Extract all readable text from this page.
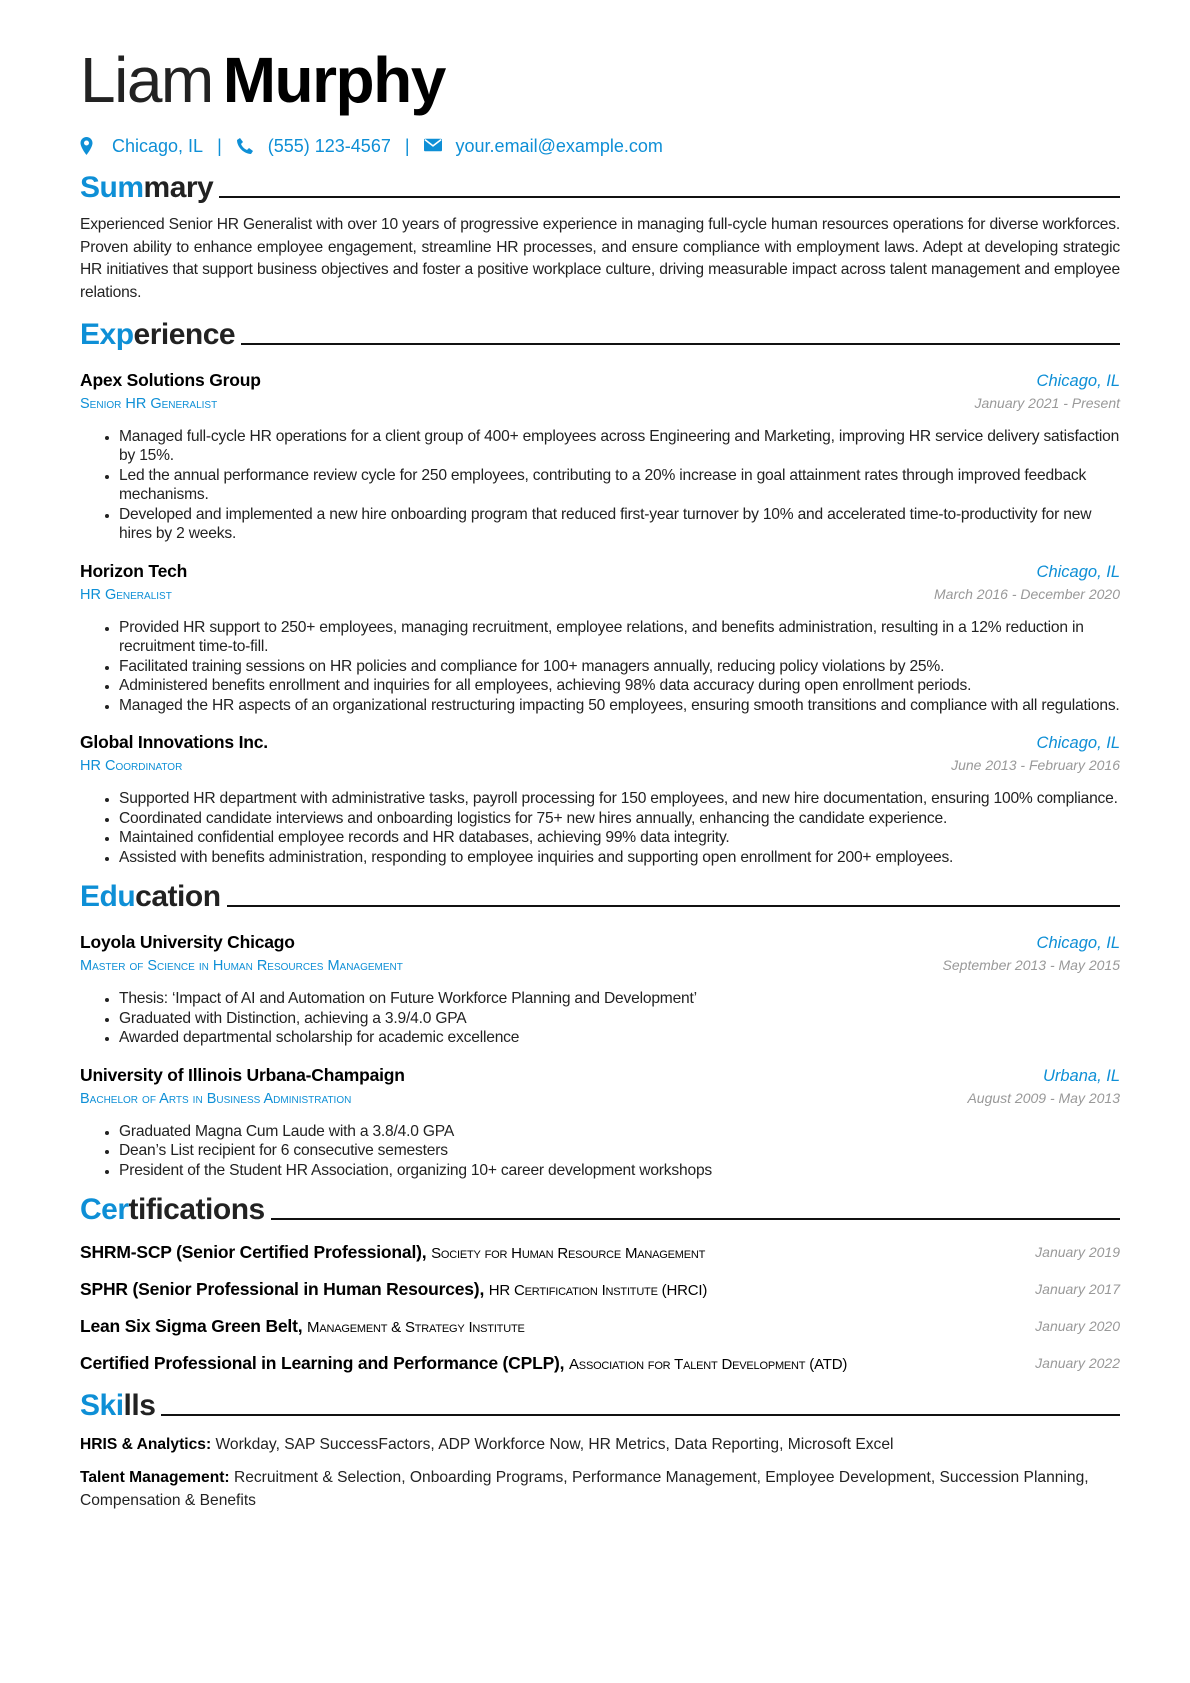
Liam Murphy
Chicago, IL |	(555) 123-4567 |	your.email@example.com
Summary

Experienced Senior HR Generalist with over 10 years of progressive experience in managing full-cycle human resources operations for diverse workforces. Proven ability to enhance employee engagement, streamline HR processes, and ensure compliance with employment laws. Adept at developing strategic HR initiatives that support business objectives and foster a positive workplace culture, driving measurable impact across talent management and employee relations.

Experience
Apex Solutions Group	Chicago, IL
Senior HR Generalist	January 2021 - Present
• Managed full-cycle HR operations for a client group of 400+ employees across Engineering and Marketing, improving HR service delivery satisfaction by 15%.
• Led the annual performance review cycle for 250 employees, contributing to a 20% increase in goal attainment rates through improved feedback mechanisms.
• Developed and implemented a new hire onboarding program that reduced first-year turnover by 10% and accelerated time-to-productivity for new hires by 2 weeks.
Horizon Tech	Chicago, IL
HR Generalist	March 2016 - December 2020
• Provided HR support to 250+ employees, managing recruitment, employee relations, and benefits administration, resulting in a 12% reduction in recruitment time-to-fill.
• Facilitated training sessions on HR policies and compliance for 100+ managers annually, reducing policy violations by 25%.
• Administered benefits enrollment and inquiries for all employees, achieving 98% data accuracy during open enrollment periods.
• Managed the HR aspects of an organizational restructuring impacting 50 employees, ensuring smooth transitions and compliance with all regulations.
Global Innovations Inc.	Chicago, IL
HR Coordinator	June 2013 - February 2016
• Supported HR department with administrative tasks, payroll processing for 150 employees, and new hire documentation, ensuring 100% compliance.
• Coordinated candidate interviews and onboarding logistics for 75+ new hires annually, enhancing the candidate experience.
• Maintained confidential employee records and HR databases, achieving 99% data integrity.
• Assisted with benefits administration, responding to employee inquiries and supporting open enrollment for 200+ employees.
Education
Loyola University Chicago	Chicago, IL
Master of Science in Human Resources Management	September 2013 - May 2015
• Thesis: ‘Impact of AI and Automation on Future Workforce Planning and Development’
• Graduated with Distinction, achieving a 3.9/4.0 GPA
• Awarded departmental scholarship for academic excellence
University of Illinois Urbana-Champaign	Urbana, IL
Bachelor of Arts in Business Administration	August 2009 - May 2013
• Graduated Magna Cum Laude with a 3.8/4.0 GPA
• Dean’s List recipient for 6 consecutive semesters
• President of the Student HR Association, organizing 10+ career development workshops
Certifications
SHRM-SCP (Senior Certified Professional), Society for Human Resource Management	January 2019
SPHR (Senior Professional in Human Resources), HR Certification Institute (HRCI)	January 2017
Lean Six Sigma Green Belt, Management & Strategy Institute	January 2020
Certified Professional in Learning and Performance (CPLP), Association for Talent Development (ATD)	January 2022
Skills

HRIS & Analytics: Workday, SAP SuccessFactors, ADP Workforce Now, HR Metrics, Data Reporting, Microsoft Excel

Talent Management: Recruitment & Selection, Onboarding Programs, Performance Management, Employee Development, Succession Planning, Compensation & Benefits
